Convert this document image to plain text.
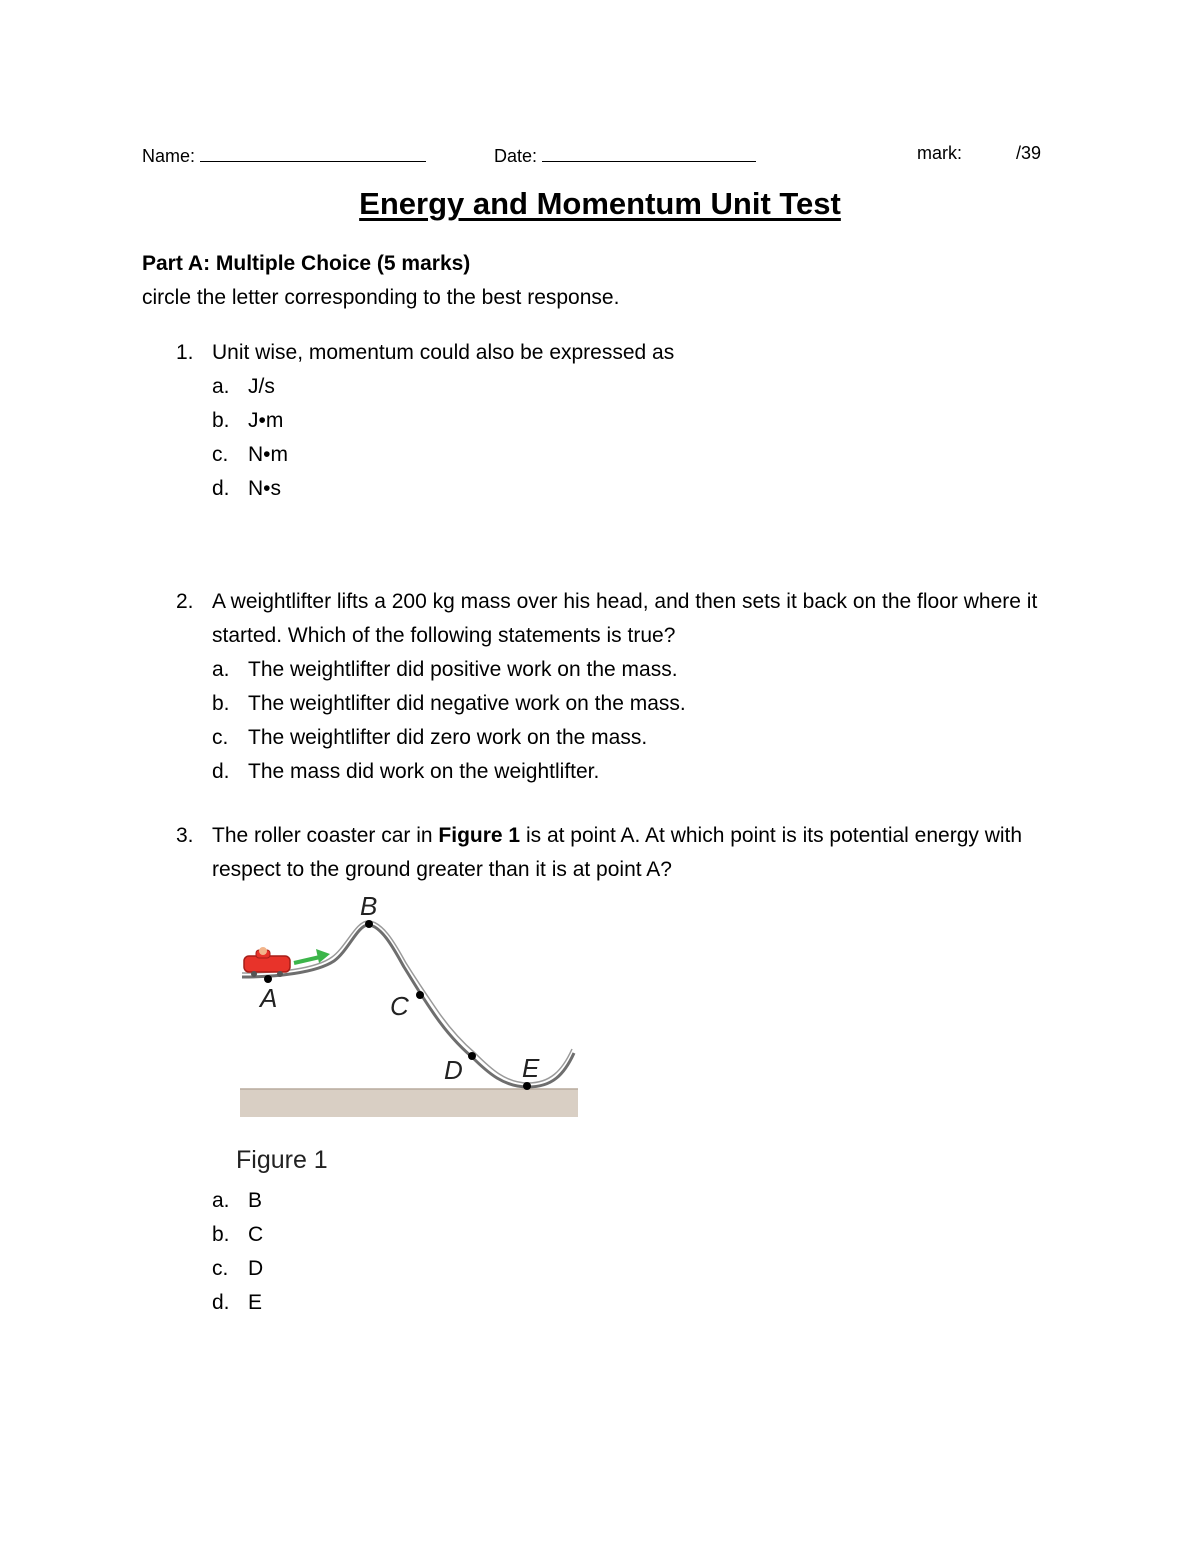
Name:	Date:	mark:	/39
Energy and Momentum Unit Test
Part A: Multiple Choice (5 marks)
circle the letter corresponding to the best response.
1. Unit wise, momentum could also be expressed as
a. J/s
b. J•m
c. N•m
d. N•s
2. A weightlifter lifts a 200 kg mass over his head, and then sets it back on the floor where it started. Which of the following statements is true?
a. The weightlifter did positive work on the mass.
b. The weightlifter did negative work on the mass.
c. The weightlifter did zero work on the mass.
d. The mass did work on the weightlifter.
3. The roller coaster car in Figure 1 is at point A. At which point is its potential energy with respect to the ground greater than it is at point A?
A
B
C
D E
Figure 1
a. B
b. C
c. D
d. E
